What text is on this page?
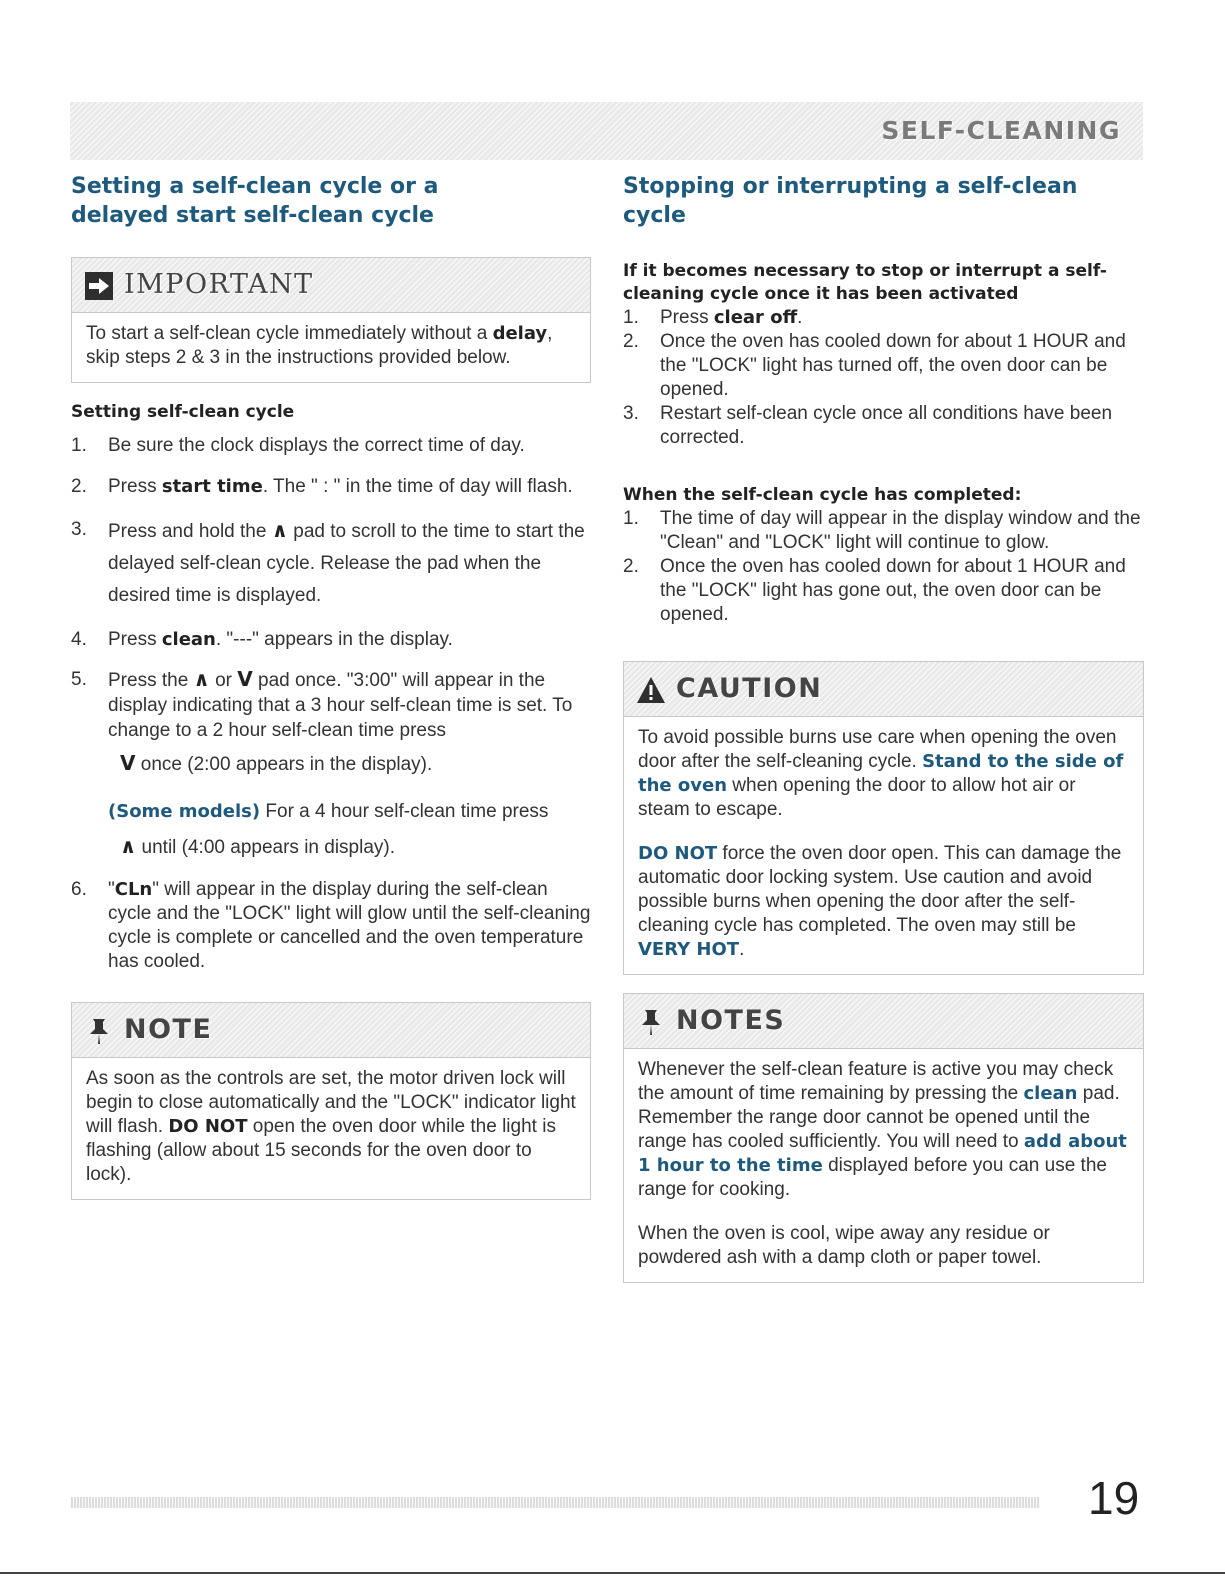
SELF-CLEANING
Setting a self-clean cycle or a delayed start self-clean cycle
IMPORTANT

To start a self-clean cycle immediately without a delay, skip steps 2 & 3 in the instructions provided below.

Setting self-clean cycle
1. Be sure the clock displays the correct time of day.
2. Press start time. The " : " in the time of day will flash.
3. Press and hold the ∧ pad to scroll to the time to start the delayed self-clean cycle. Release the pad when the desired time is displayed.
4. Press clean. "---" appears in the display.
5. Press the ∧ or V pad once. "3:00" will appear in the display indicating that a 3 hour self-clean time is set. To change to a 2 hour self-clean time press
V once (2:00 appears in the display).
(Some models) For a 4 hour self-clean time press
∧ until (4:00 appears in display).
6. "CLn" will appear in the display during the self-clean cycle and the "LOCK" light will glow until the self-cleaning cycle is complete or cancelled and the oven temperature has cooled.
NOTE

As soon as the controls are set, the motor driven lock will begin to close automatically and the "LOCK" indicator light will flash. DO NOT open the oven door while the light is flashing (allow about 15 seconds for the oven door to lock).

Stopping or interrupting a self-clean cycle
If it becomes necessary to stop or interrupt a self-cleaning cycle once it has been activated
1. Press clear off.
2. Once the oven has cooled down for about 1 HOUR and the "LOCK" light has turned off, the oven door can be opened.
3. Restart self-clean cycle once all conditions have been corrected.
When the self-clean cycle has completed:
1. The time of day will appear in the display window and the "Clean" and "LOCK" light will continue to glow.
2. Once the oven has cooled down for about 1 HOUR and the "LOCK" light has gone out, the oven door can be opened.
CAUTION

To avoid possible burns use care when opening the oven door after the self-cleaning cycle. Stand to the side of the oven when opening the door to allow hot air or steam to escape.

DO NOT force the oven door open. This can damage the automatic door locking system. Use caution and avoid possible burns when opening the door after the self-cleaning cycle has completed. The oven may still be VERY HOT.

NOTES

Whenever the self-clean feature is active you may check the amount of time remaining by pressing the clean pad. Remember the range door cannot be opened until the range has cooled sufficiently. You will need to add about 1 hour to the time displayed before you can use the range for cooking.

When the oven is cool, wipe away any residue or powdered ash with a damp cloth or paper towel.

19
